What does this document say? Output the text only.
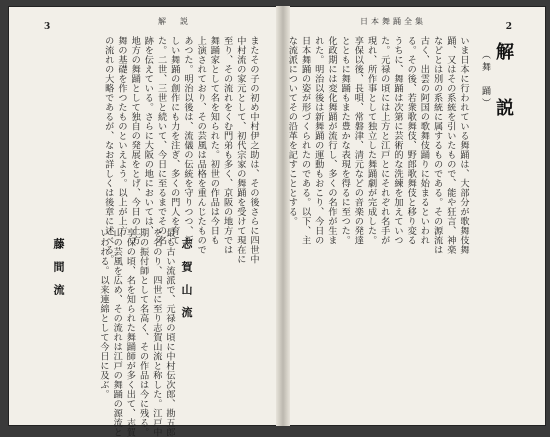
3
解　説
またその子の初め中村伊之助は、その後さらに四世中
中村流の家元として、初代宗家の舞踊を受けて現在に
至り、その流れをくむ門弟も多く、京阪の地方では
舞踊家として名を知られた。初世の作品は今日も
上演されており、その芸風は品格を重んじたもので
あつた。明治以後は、流儀の伝統を守りつつ、新
しい舞踊の創作にも力を注ぎ、多くの門人を育て
た。二世、三世と続いて、今日に至るまでその名
跡を伝えている。さらに大阪の地においては、
地方の舞踊として独自の発展をとげ、今日の上方
舞の基礎を作つたものといえよう。以上が上方
の流れの大略であるが、なお詳しくは後章に述べる。
志 賀 山 流
最も古い流派で、元禄の頃に中村伝次郎、勘五郎
を名のり、四世に至り志賀山流と称した。江戸中
期の振付師として名高く、その作品は今に残る。
享保の頃、名を知られた舞踊師が多く出て、志賀
山の芸風を広め、その流れは江戸の舞踊の源流と
いわれる。以来連綿として今日に及ぶ。
藤 間 流
2
日本舞踊全集
解　説
（舞　踊）
いま日本に行われている舞踊は、大部分が歌舞伎舞
踊、又はその系統を引いたもので、能や狂言、神楽
などとは別の系統に属するものである。その源流は
古く、出雲の阿国の歌舞伎踊りに始まるといわれ
る。その後、若衆歌舞伎、野郎歌舞伎と移り変る
うちに、舞踊は次第に芸術的な洗練を加えていつ
た。元禄の頃には上方と江戸とにそれぞれ名手が
現れ、所作事として独立した舞踊劇が完成した。
享保以後、長唄、常磐津、清元などの音楽の発達
とともに舞踊もまた豊かな表現を得るに至つた。
化政期には変化舞踊が流行し、多くの名作が生ま
れた。明治以後は新舞踊の運動もおこり、今日の
日本舞踊の姿が形づくられたのである。以下、主
な流派についてその沿革を記すこととする。
